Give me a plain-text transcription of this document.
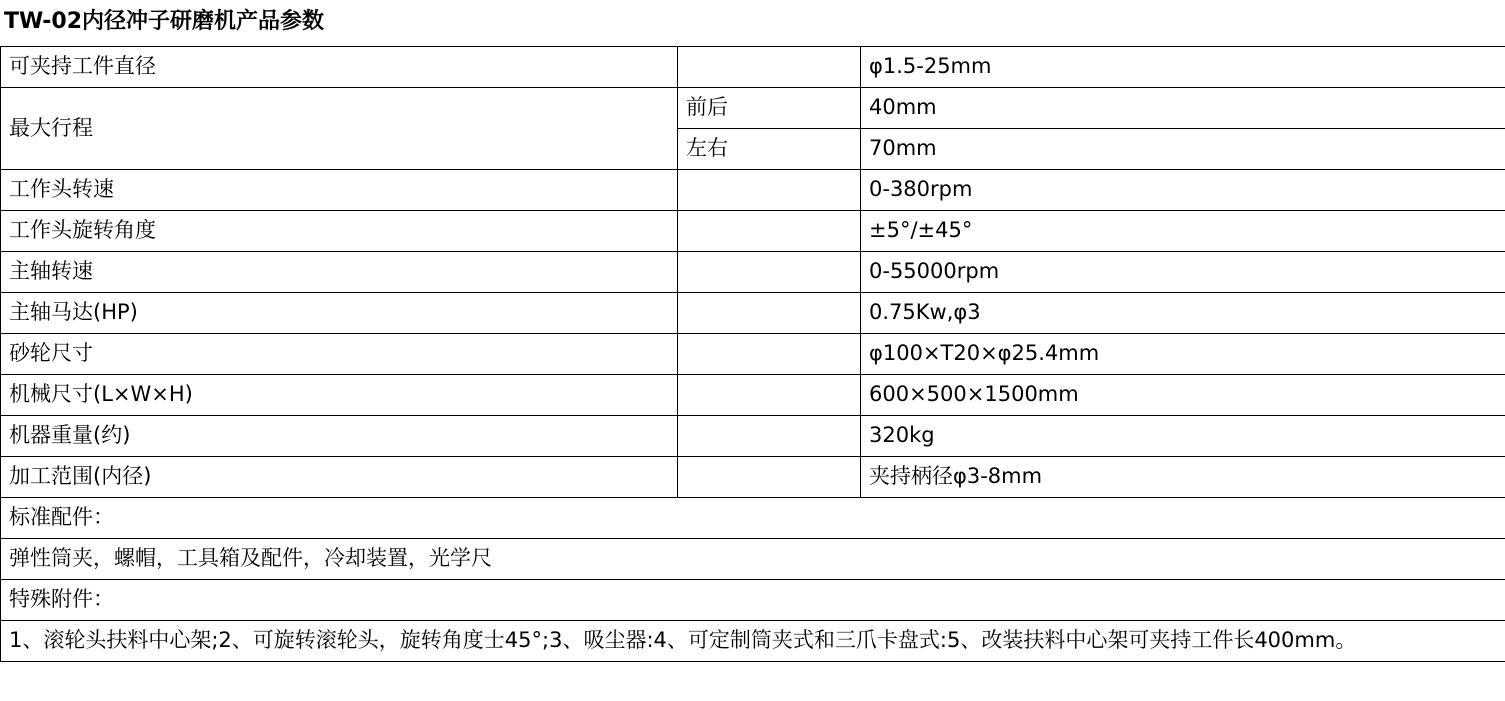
TW-02内径冲子研磨机产品参数
可夹持工件直径		φ1.5-25mm
最大行程	前后	40mm
	左右	70mm
工作头转速		0-380rpm
工作头旋转角度		±5°/±45°
主轴转速		0-55000rpm
主轴马达(HP)		0.75Kw,φ3
砂轮尺寸		φ100×T20×φ25.4mm
机械尺寸(L×W×H)		600×500×1500mm
机器重量(约)		320kg
加工范围(内径)		夹持柄径φ3-8mm
标准配件：		
弹性筒夹，螺帽，工具箱及配件，冷却装置，光学尺		
特殊附件：		
1、滚轮头扶料中心架;2、可旋转滚轮头，旋转角度士45°;3、吸尘器:4、可定制筒夹式和三爪卡盘式:5、改装扶料中心架可夹持工件长400mm。		
